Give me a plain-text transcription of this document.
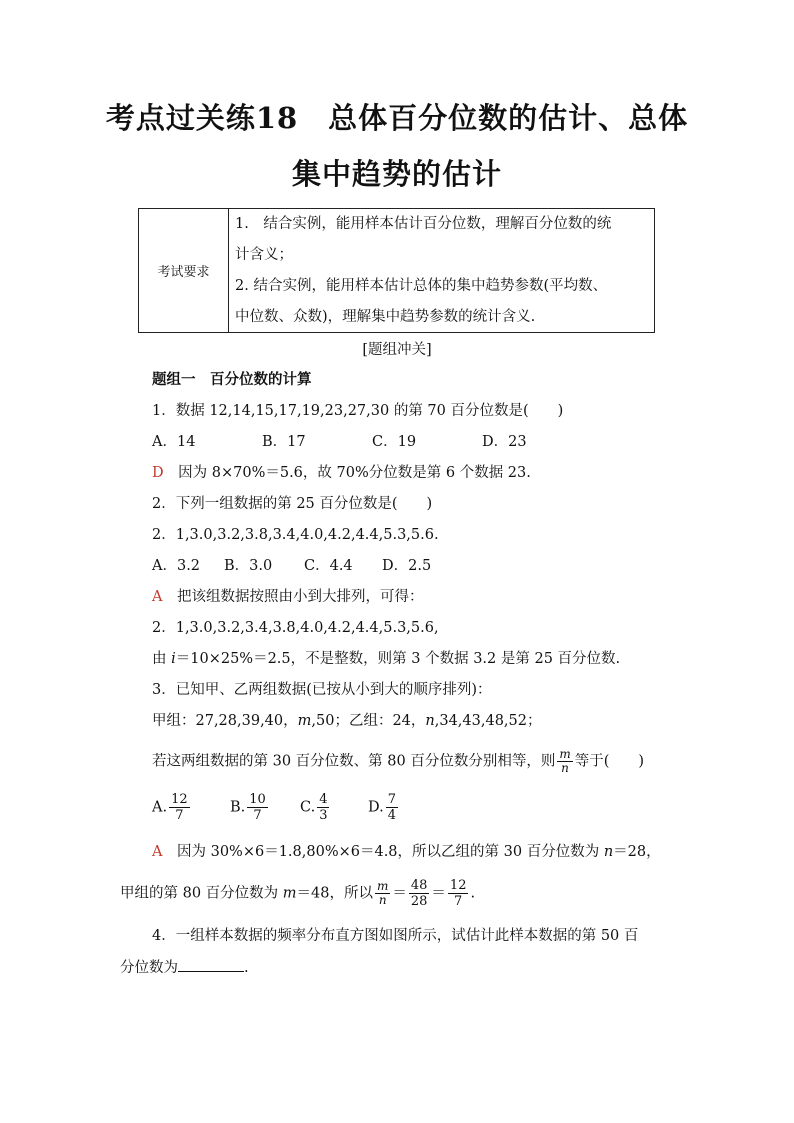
考点过关练18　总体百分位数的估计、总体
集中趋势的估计
考试要求
1.　结合实例，能用样本估计百分位数，理解百分位数的统
计含义；
2. 结合实例，能用样本估计总体的集中趋势参数(平均数、
中位数、众数)，理解集中趋势参数的统计含义.
[题组冲关]
题组一　百分位数的计算
1．数据 12,14,15,17,19,23,27,30 的第 70 百分位数是(　　)
A．14	B．17	C．19	D．23
D　 因为 8×70%＝5.6，故 70%分位数是第 6 个数据 23.
2．下列一组数据的第 25 百分位数是(　　)
2．1,3.0,3.2,3.8,3.4,4.0,4.2,4.4,5.3,5.6.
A．3.2 B．3.0 C．4.4 D．2.5
A　 把该组数据按照由小到大排列，可得：
2．1,3.0,3.2,3.4,3.8,4.0,4.2,4.4,5.3,5.6,
由 i＝10×25%＝2.5，不是整数，则第 3 个数据 3.2 是第 25 百分位数.
3．已知甲、乙两组数据(已按从小到大的顺序排列)：
甲组：27,28,39,40，m,50；乙组：24，n,34,43,48,52；
若这两组数据的第 30 百分位数、第 80 百分位数分别相等，则 $\frac{m}{n}$ 等于(　　)
A. $\frac{12}{7}$	B. $\frac{10}{7} C$. $\frac{4}{3}$	D. $\frac{7}{4}$
A　 因为 30%×6＝1.8,80%×6＝4.8，所以乙组的第 30 百分位数为 n＝28，
甲组的第 80 百分位数为 m＝48，所以 $\frac{m}{n} = \frac{48}{28} = \frac{12}{7}$ .
4．一组样本数据的频率分布直方图如图所示，试估计此样本数据的第 50 百
分位数为	.
